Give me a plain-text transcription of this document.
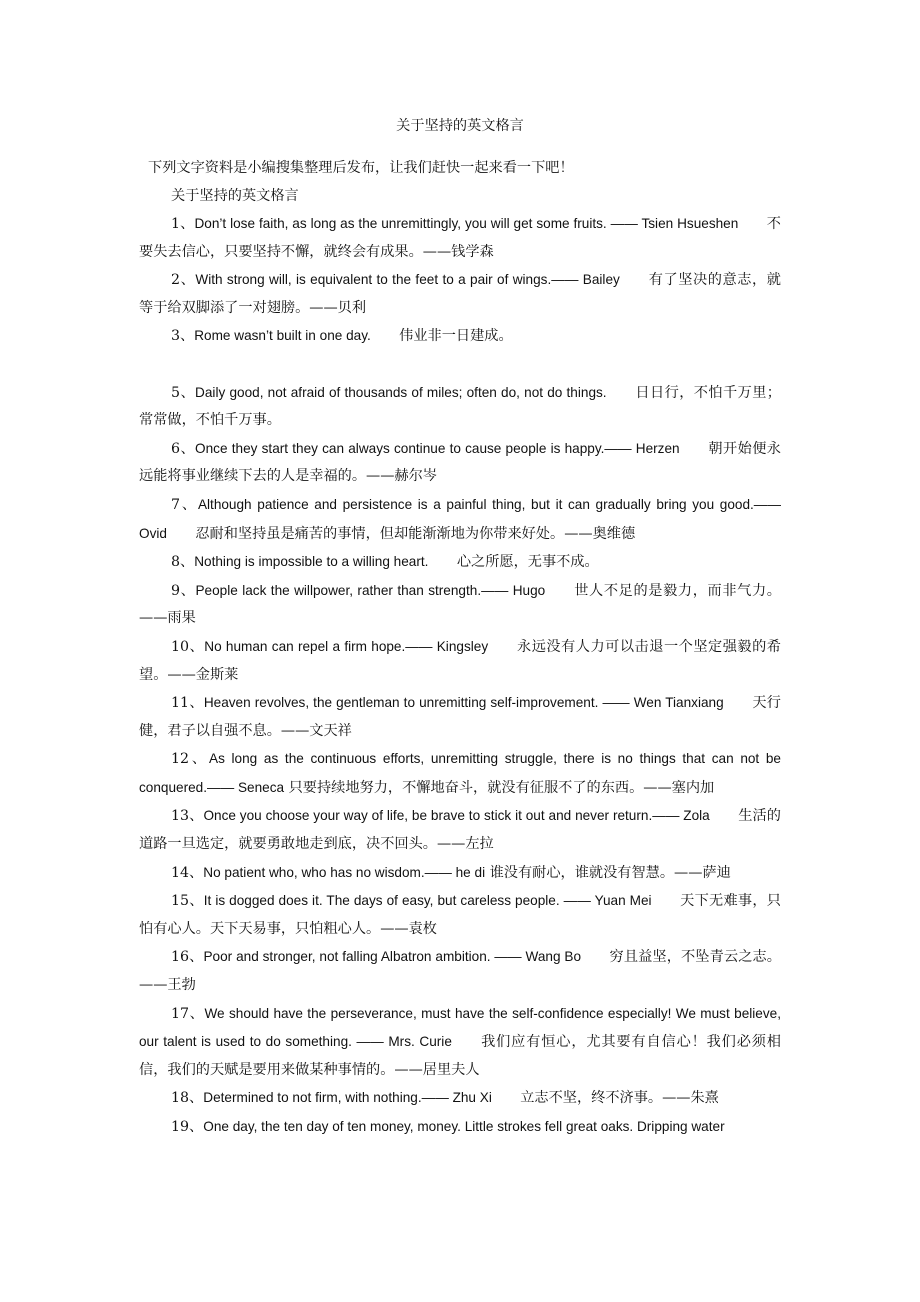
关于坚持的英文格言

下列文字资料是小编搜集整理后发布，让我们赶快一起来看一下吧！

关于坚持的英文格言

1、Don’t lose faith, as long as the unremittingly, you will get some fruits. —— Tsien Hsueshen   不要失去信心，只要坚持不懈，就终会有成果。——钱学森

2、With strong will, is equivalent to the feet to a pair of wings.—— Bailey   有了坚决的意志，就等于给双脚添了一对翅膀。——贝利

3、Rome wasn’t built in one day.   伟业非一日建成。

5、Daily good, not afraid of thousands of miles; often do, not do things.   日日行，不怕千万里；常常做，不怕千万事。

6、Once they start they can always continue to cause people is happy.—— Herzen   朝开始便永远能将事业继续下去的人是幸福的。——赫尔岑

7、Although patience and persistence is a painful thing, but it can gradually bring you good.—— Ovid   忍耐和坚持虽是痛苦的事情，但却能渐渐地为你带来好处。——奥维德

8、Nothing is impossible to a willing heart.   心之所愿，无事不成。

9、People lack the willpower, rather than strength.—— Hugo   世人不足的是毅力，而非气力。——雨果

10、No human can repel a firm hope.—— Kingsley   永远没有人力可以击退一个坚定强毅的希望。——金斯莱

11、Heaven revolves, the gentleman to unremitting self-improvement. —— Wen Tianxiang   天行健，君子以自强不息。——文天祥

12、As long as the continuous efforts, unremitting struggle, there is no things that can not be conquered.—— Seneca 只要持续地努力，不懈地奋斗，就没有征服不了的东西。——塞内加

13、Once you choose your way of life, be brave to stick it out and never return.—— Zola   生活的道路一旦选定，就要勇敢地走到底，决不回头。——左拉

14、No patient who, who has no wisdom.—— he di 谁没有耐心，谁就没有智慧。——萨迪

15、It is dogged does it. The days of easy, but careless people. —— Yuan Mei   天下无难事，只怕有心人。天下天易事，只怕粗心人。——袁枚

16、Poor and stronger, not falling Albatron ambition. —— Wang Bo   穷且益坚，不坠青云之志。——王勃

17、We should have the perseverance, must have the self-confidence especially! We must believe, our talent is used to do something. —— Mrs. Curie   我们应有恒心，尤其要有自信心！我们必须相信，我们的天赋是要用来做某种事情的。——居里夫人

18、Determined to not firm, with nothing.—— Zhu Xi   立志不坚，终不济事。——朱熹

19、One day, the ten day of ten money, money. Little strokes fell great oaks. Dripping water  
